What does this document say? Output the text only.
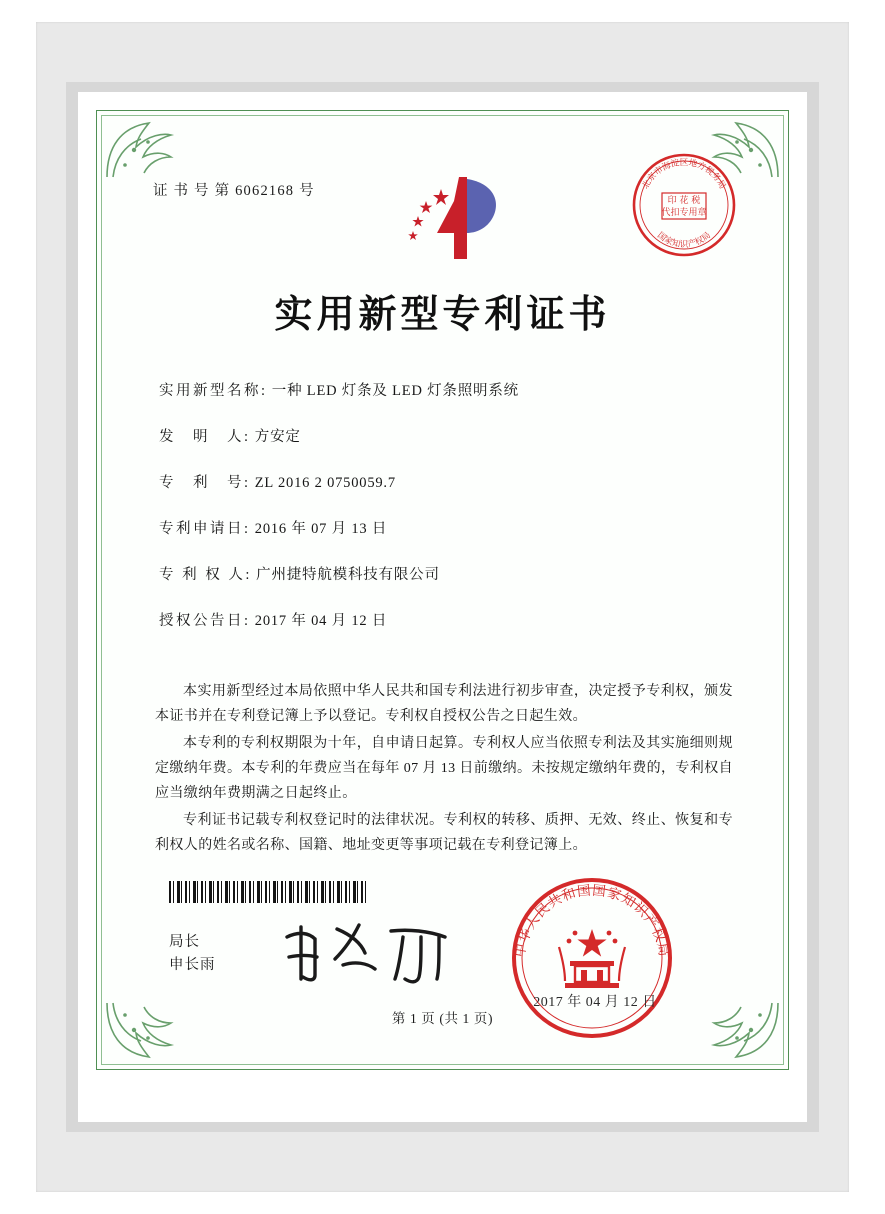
证 书 号 第 6062168 号
印 花 税
代扣专用章
北京市海淀区地方税务局
国家知识产权局
实用新型专利证书
实用新型名称: 一种 LED 灯条及 LED 灯条照明系统
发　明　人: 方安定
专　利　号: ZL 2016 2 0750059.7
专利申请日: 2016 年 07 月 13 日
专 利 权 人: 广州捷特航模科技有限公司
授权公告日: 2017 年 04 月 12 日

本实用新型经过本局依照中华人民共和国专利法进行初步审查，决定授予专利权，颁发本证书并在专利登记簿上予以登记。专利权自授权公告之日起生效。

本专利的专利权期限为十年，自申请日起算。专利权人应当依照专利法及其实施细则规定缴纳年费。本专利的年费应当在每年 07 月 13 日前缴纳。未按规定缴纳年费的，专利权自应当缴纳年费期满之日起终止。

专利证书记载专利权登记时的法律状况。专利权的转移、质押、无效、终止、恢复和专利权人的姓名或名称、国籍、地址变更等事项记载在专利登记簿上。

局长
申长雨
中华人民共和国国家知识产权局
2017 年 04 月 12 日
第 1 页 (共 1 页)
